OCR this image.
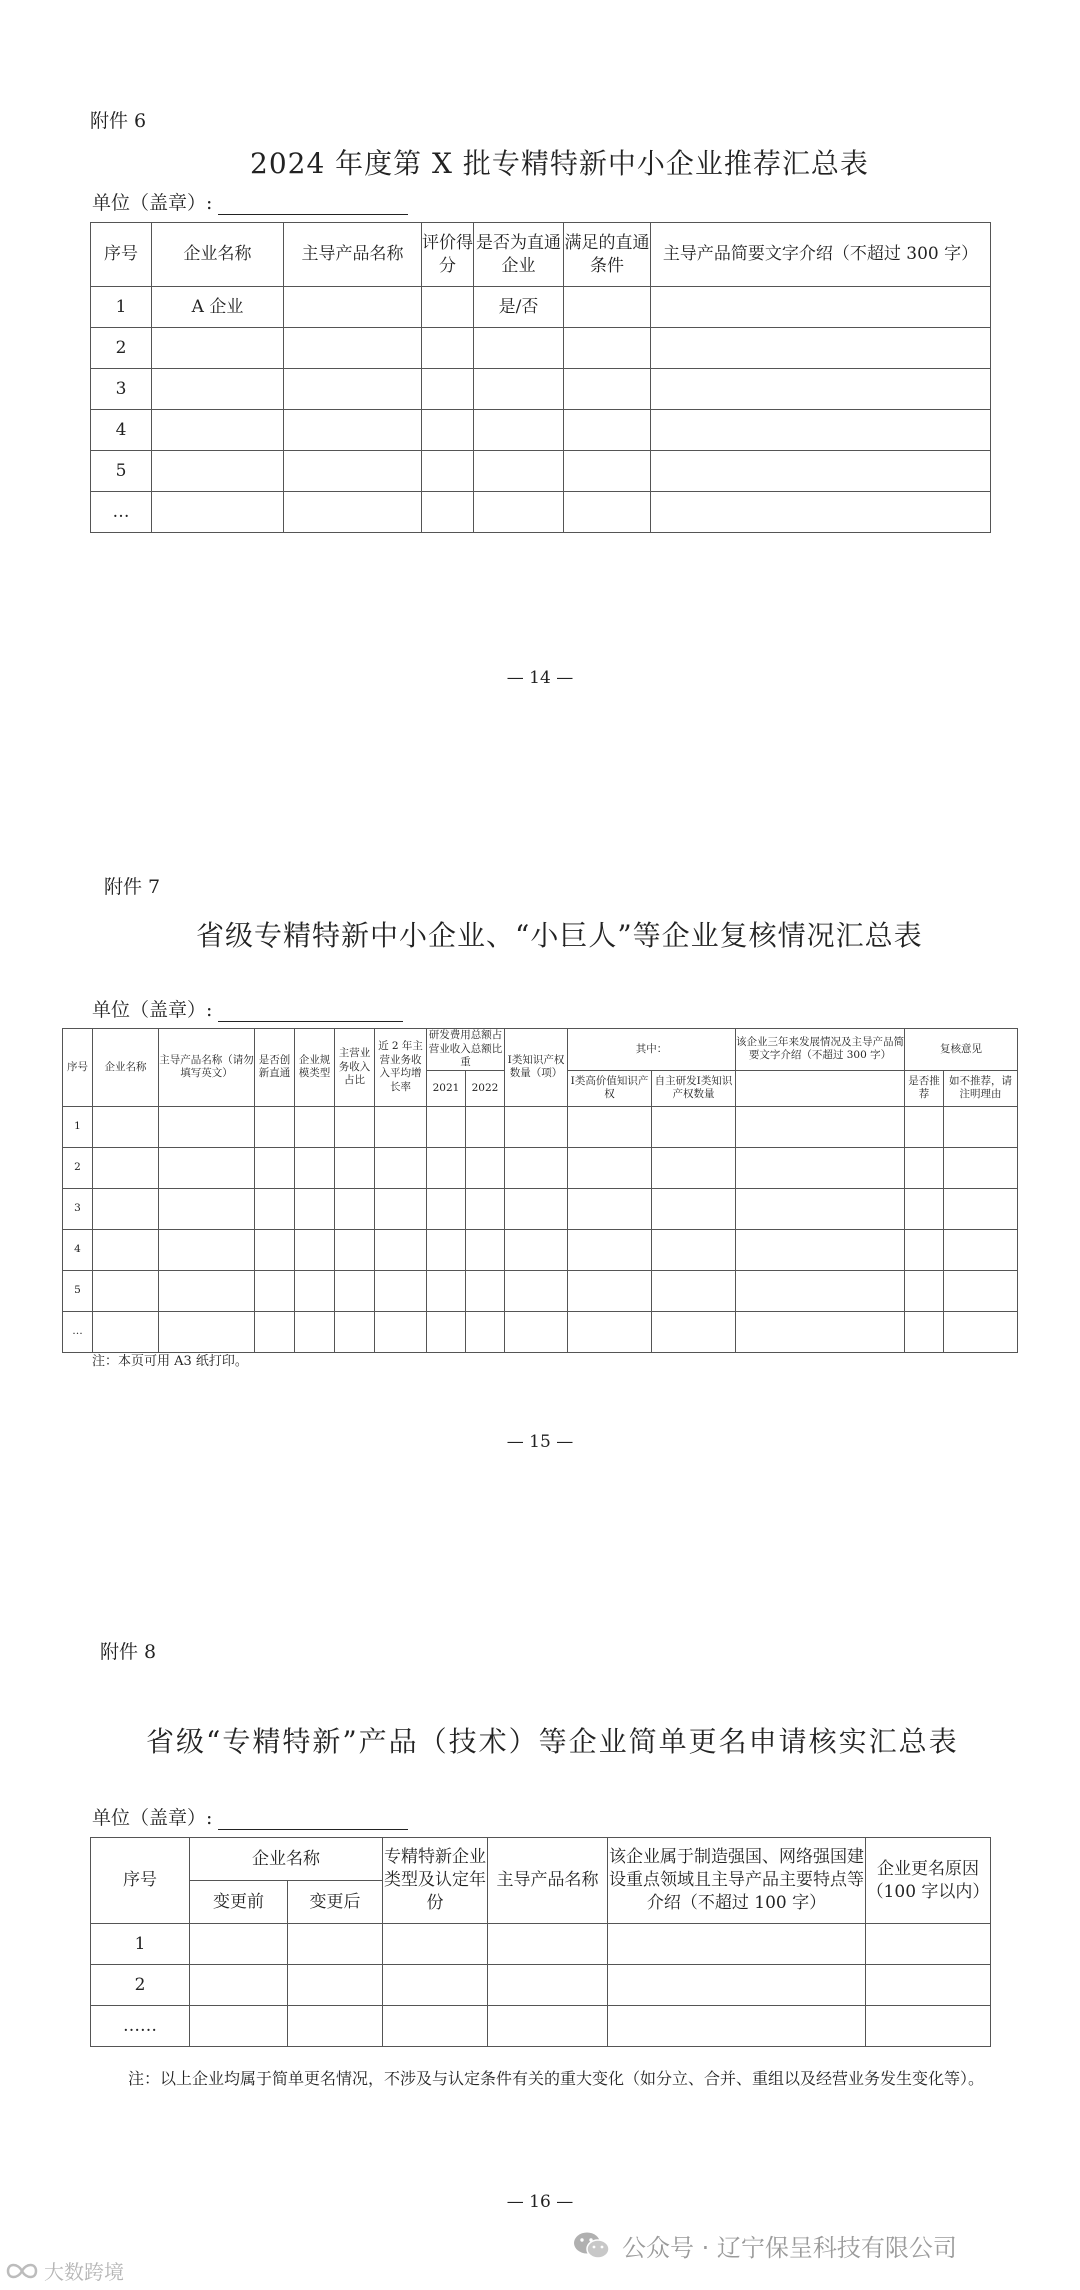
附件 6
2024 年度第 X 批专精特新中小企业推荐汇总表
单位（盖章）:
序号	企业名称	主导产品名称	评价得分	是否为直通企业	满足的直通条件	主导产品简要文字介绍（不超过 300 字）
1	A 企业			是/否		
2						
3						
4						
5						
…						
— 14 —
附件 7
省级专精特新中小企业、“小巨人”等企业复核情况汇总表
单位（盖章）:
序号	企业名称	主导产品名称（请勿填写英文）	是否创新直通	企业规模类型	主营业务收入占比	近 2 年主营业务收入平均增长率	研发费用总额占营业收入总额比重		Ⅰ类知识产权数量（项）	其中：		该企业三年来发展情况及主导产品简要文字介绍（不超过 300 字）	复核意见	
							2021	2022		Ⅰ类高价值知识产权	自主研发Ⅰ类知识产权数量		是否推荐	如不推荐，请注明理由
1														
2														
3														
4														
5														
…														
注：本页可用 A3 纸打印。
— 15 —
附件 8
省级“专精特新”产品（技术）等企业简单更名申请核实汇总表
单位（盖章）:
序号	企业名称		专精特新企业类型及认定年份	主导产品名称	该企业属于制造强国、网络强国建设重点领域且主导产品主要特点等介绍（不超过 100 字）	企业更名原因（100 字以内）
	变更前	变更后				
1						
2						
……						
注：以上企业均属于简单更名情况，不涉及与认定条件有关的重大变化（如分立、合并、重组以及经营业务发生变化等）。
— 16 —
公众号 · 辽宁保呈科技有限公司
大数跨境
